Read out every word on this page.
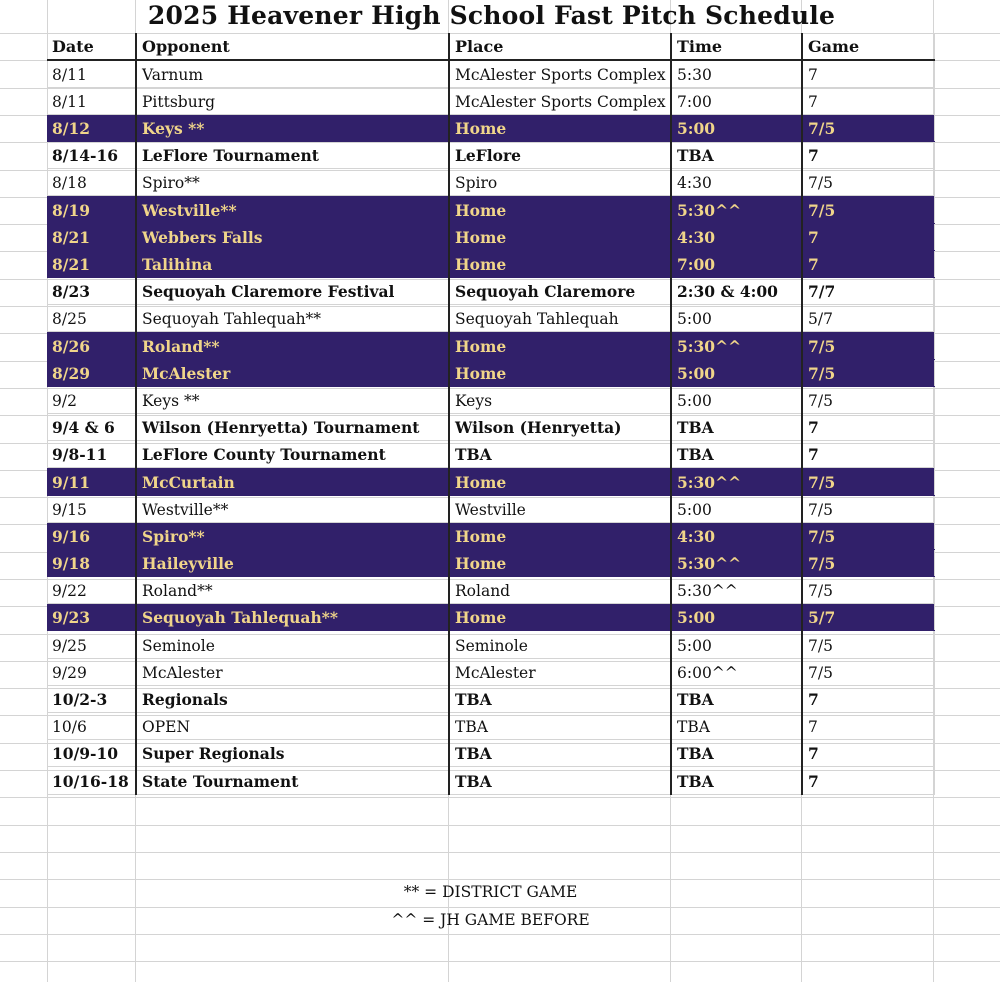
2025 Heavener High School Fast Pitch Schedule
Date	Opponent	Place	Time	Game
8/11	Varnum	McAlester Sports Complex	5:30	7
8/11	Pittsburg	McAlester Sports Complex	7:00	7
8/12	Keys **	Home	5:00	7/5
8/14-16	LeFlore Tournament	LeFlore	TBA	7
8/18	Spiro**	Spiro	4:30	7/5
8/19	Westville**	Home	5:30^^	7/5
8/21	Webbers Falls	Home	4:30	7
8/21	Talihina	Home	7:00	7
8/23	Sequoyah Claremore Festival	Sequoyah Claremore	2:30 & 4:00	7/7
8/25	Sequoyah Tahlequah**	Sequoyah Tahlequah	5:00	5/7
8/26	Roland**	Home	5:30^^	7/5
8/29	McAlester	Home	5:00	7/5
9/2	Keys **	Keys	5:00	7/5
9/4 & 6	Wilson (Henryetta) Tournament	Wilson (Henryetta)	TBA	7
9/8-11	LeFlore County Tournament	TBA	TBA	7
9/11	McCurtain	Home	5:30^^	7/5
9/15	Westville**	Westville	5:00	7/5
9/16	Spiro**	Home	4:30	7/5
9/18	Haileyville	Home	5:30^^	7/5
9/22	Roland**	Roland	5:30^^	7/5
9/23	Sequoyah Tahlequah**	Home	5:00	5/7
9/25	Seminole	Seminole	5:00	7/5
9/29	McAlester	McAlester	6:00^^	7/5
10/2-3	Regionals	TBA	TBA	7
10/6	OPEN	TBA	TBA	7
10/9-10	Super Regionals	TBA	TBA	7
10/16-18	State Tournament	TBA	TBA	7
** = DISTRICT GAME
^^ = JH GAME BEFORE
